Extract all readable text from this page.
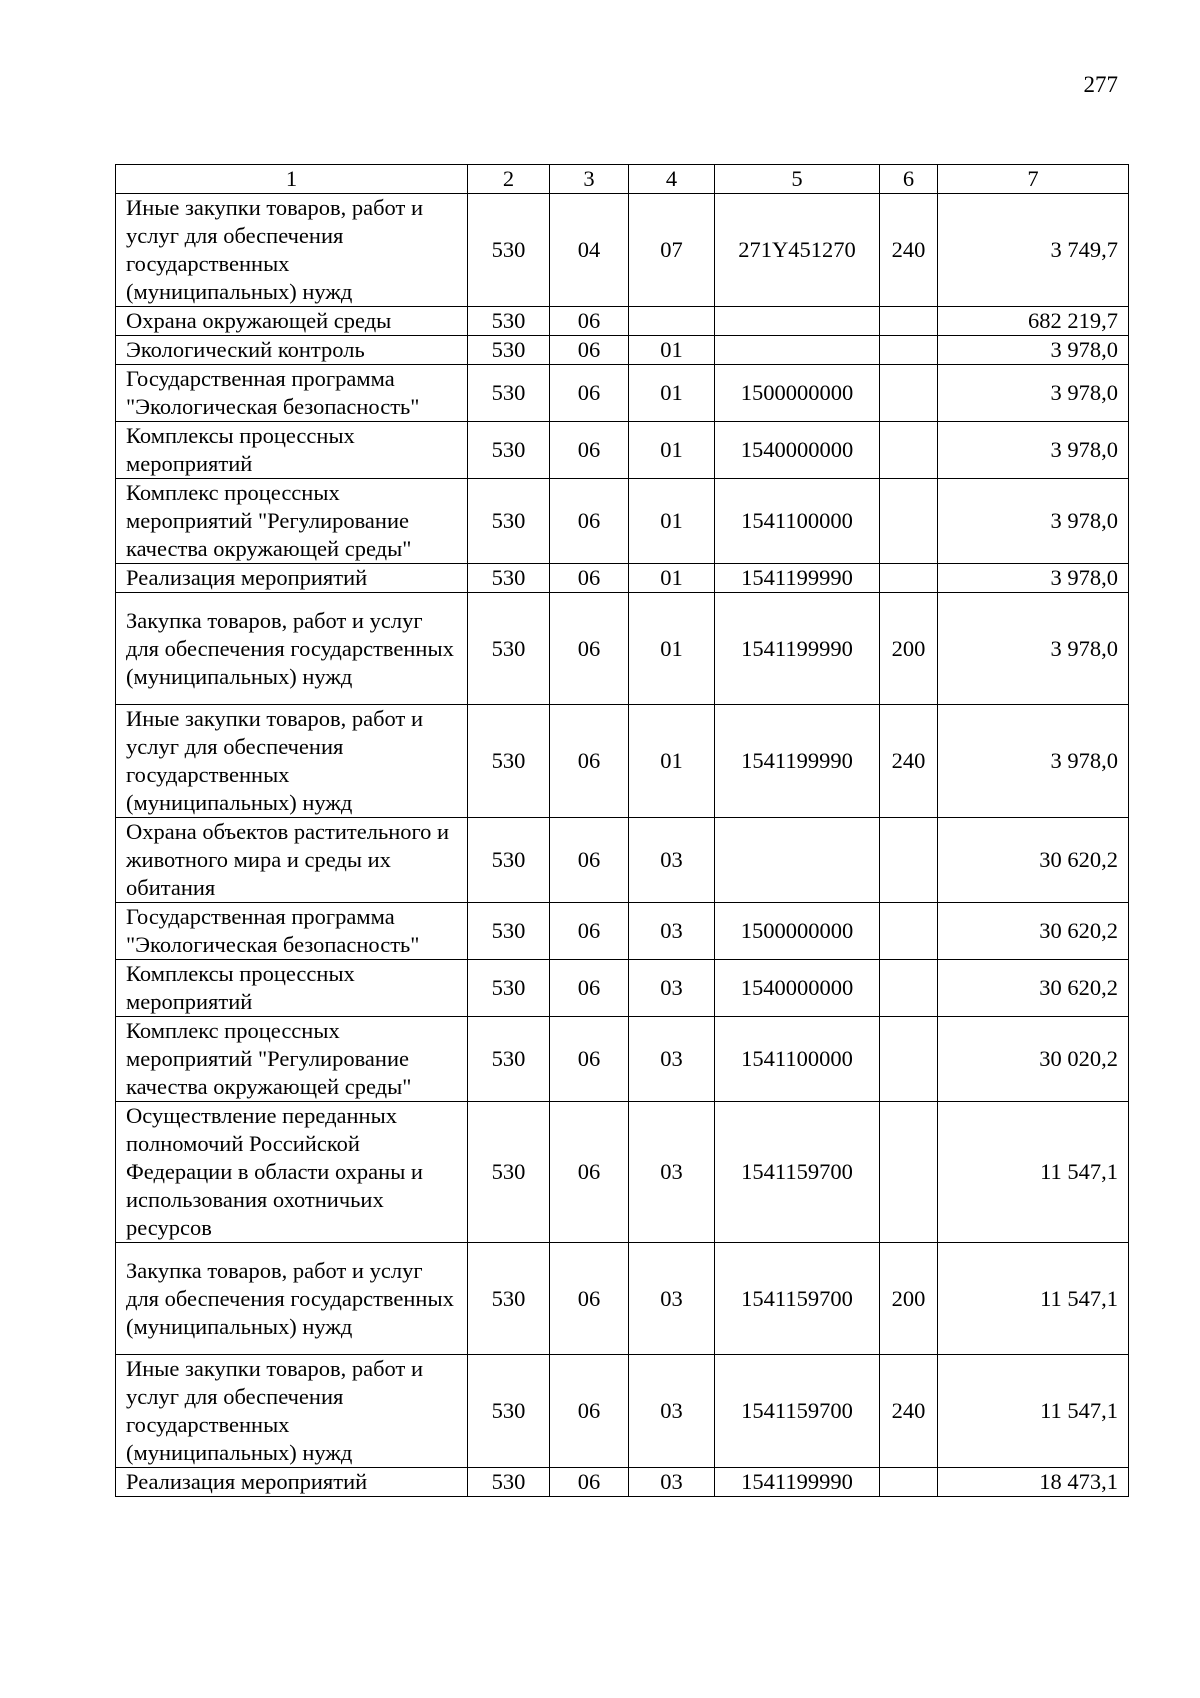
277
1	2	3	4	5	6	7
Иные закупки товаров, работ и услуг для обеспечения государственных (муниципальных) нужд	530	04	07	271Y451270	240	3 749,7
Охрана окружающей среды	530	06				682 219,7
Экологический контроль	530	06	01			3 978,0
Государственная программа "Экологическая безопасность"	530	06	01	1500000000		3 978,0
Комплексы процессных мероприятий	530	06	01	1540000000		3 978,0
Комплекс процессных мероприятий "Регулирование качества окружающей среды"	530	06	01	1541100000		3 978,0
Реализация мероприятий	530	06	01	1541199990		3 978,0
Закупка товаров, работ и услуг для обеспечения государственных (муниципальных) нужд	530	06	01	1541199990	200	3 978,0
Иные закупки товаров, работ и услуг для обеспечения государственных (муниципальных) нужд	530	06	01	1541199990	240	3 978,0
Охрана объектов растительного и животного мира и среды их обитания	530	06	03			30 620,2
Государственная программа "Экологическая безопасность"	530	06	03	1500000000		30 620,2
Комплексы процессных мероприятий	530	06	03	1540000000		30 620,2
Комплекс процессных мероприятий "Регулирование качества окружающей среды"	530	06	03	1541100000		30 020,2
Осуществление переданных полномочий Российской Федерации в области охраны и использования охотничьих ресурсов	530	06	03	1541159700		11 547,1
Закупка товаров, работ и услуг для обеспечения государственных (муниципальных) нужд	530	06	03	1541159700	200	11 547,1
Иные закупки товаров, работ и услуг для обеспечения государственных (муниципальных) нужд	530	06	03	1541159700	240	11 547,1
Реализация мероприятий	530	06	03	1541199990		18 473,1
